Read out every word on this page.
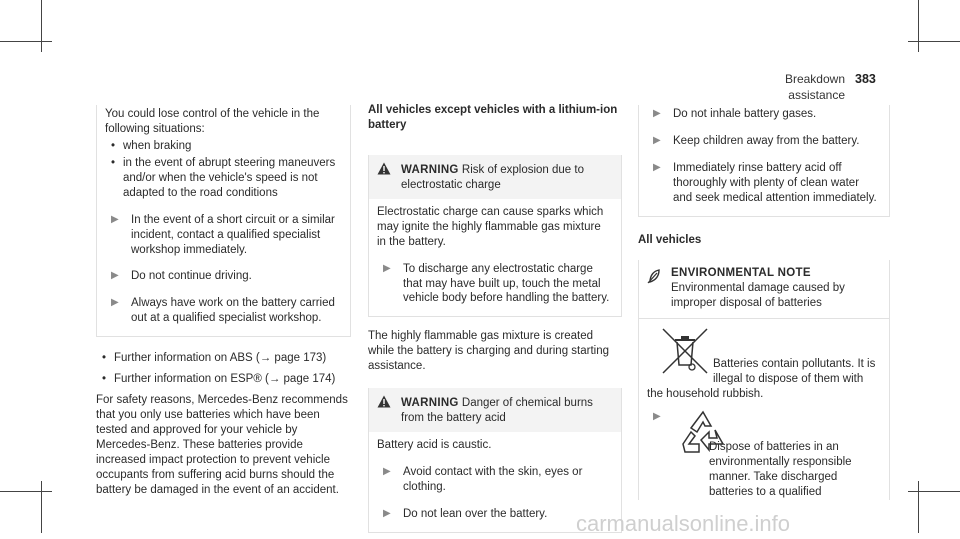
Breakdown assistance
383
You could lose control of the vehicle in the following situations:
• when braking
• in the event of abrupt steering maneuvers and/or when the vehicle's speed is not adapted to the road conditions
▶ In the event of a short circuit or a similar incident, contact a qualified specialist workshop immediately.
▶ Do not continue driving.
▶ Always have work on the battery carried out at a qualified specialist workshop.
• Further information on ABS (→ page 173)
• Further information on ESP® (→ page 174)
For safety reasons, Mercedes-Benz recommends that you only use batteries which have been tested and approved for your vehicle by Mercedes-Benz. These batteries provide increased impact protection to prevent vehicle occupants from suffering acid burns should the battery be damaged in the event of an accident.
All vehicles except vehicles with a lithium-ion battery
WARNING Risk of explosion due to electrostatic charge
Electrostatic charge can cause sparks which may ignite the highly flammable gas mixture in the battery.
▶ To discharge any electrostatic charge that may have built up, touch the metal vehicle body before handling the battery.
The highly flammable gas mixture is created while the battery is charging and during starting assistance.
WARNING Danger of chemical burns from the battery acid
Battery acid is caustic.
▶ Avoid contact with the skin, eyes or clothing.
▶ Do not lean over the battery.
▶ Do not inhale battery gases.
▶ Keep children away from the battery.
▶ Immediately rinse battery acid off thoroughly with plenty of clean water and seek medical attention immediately.
All vehicles
ENVIRONMENTAL NOTE Environmental damage caused by improper disposal of batteries
Batteries contain pollutants. It is illegal to dispose of them with the household rubbish.
▶
Dispose of batteries in an environmentally responsible manner. Take discharged batteries to a qualified
carmanualsonline.info
